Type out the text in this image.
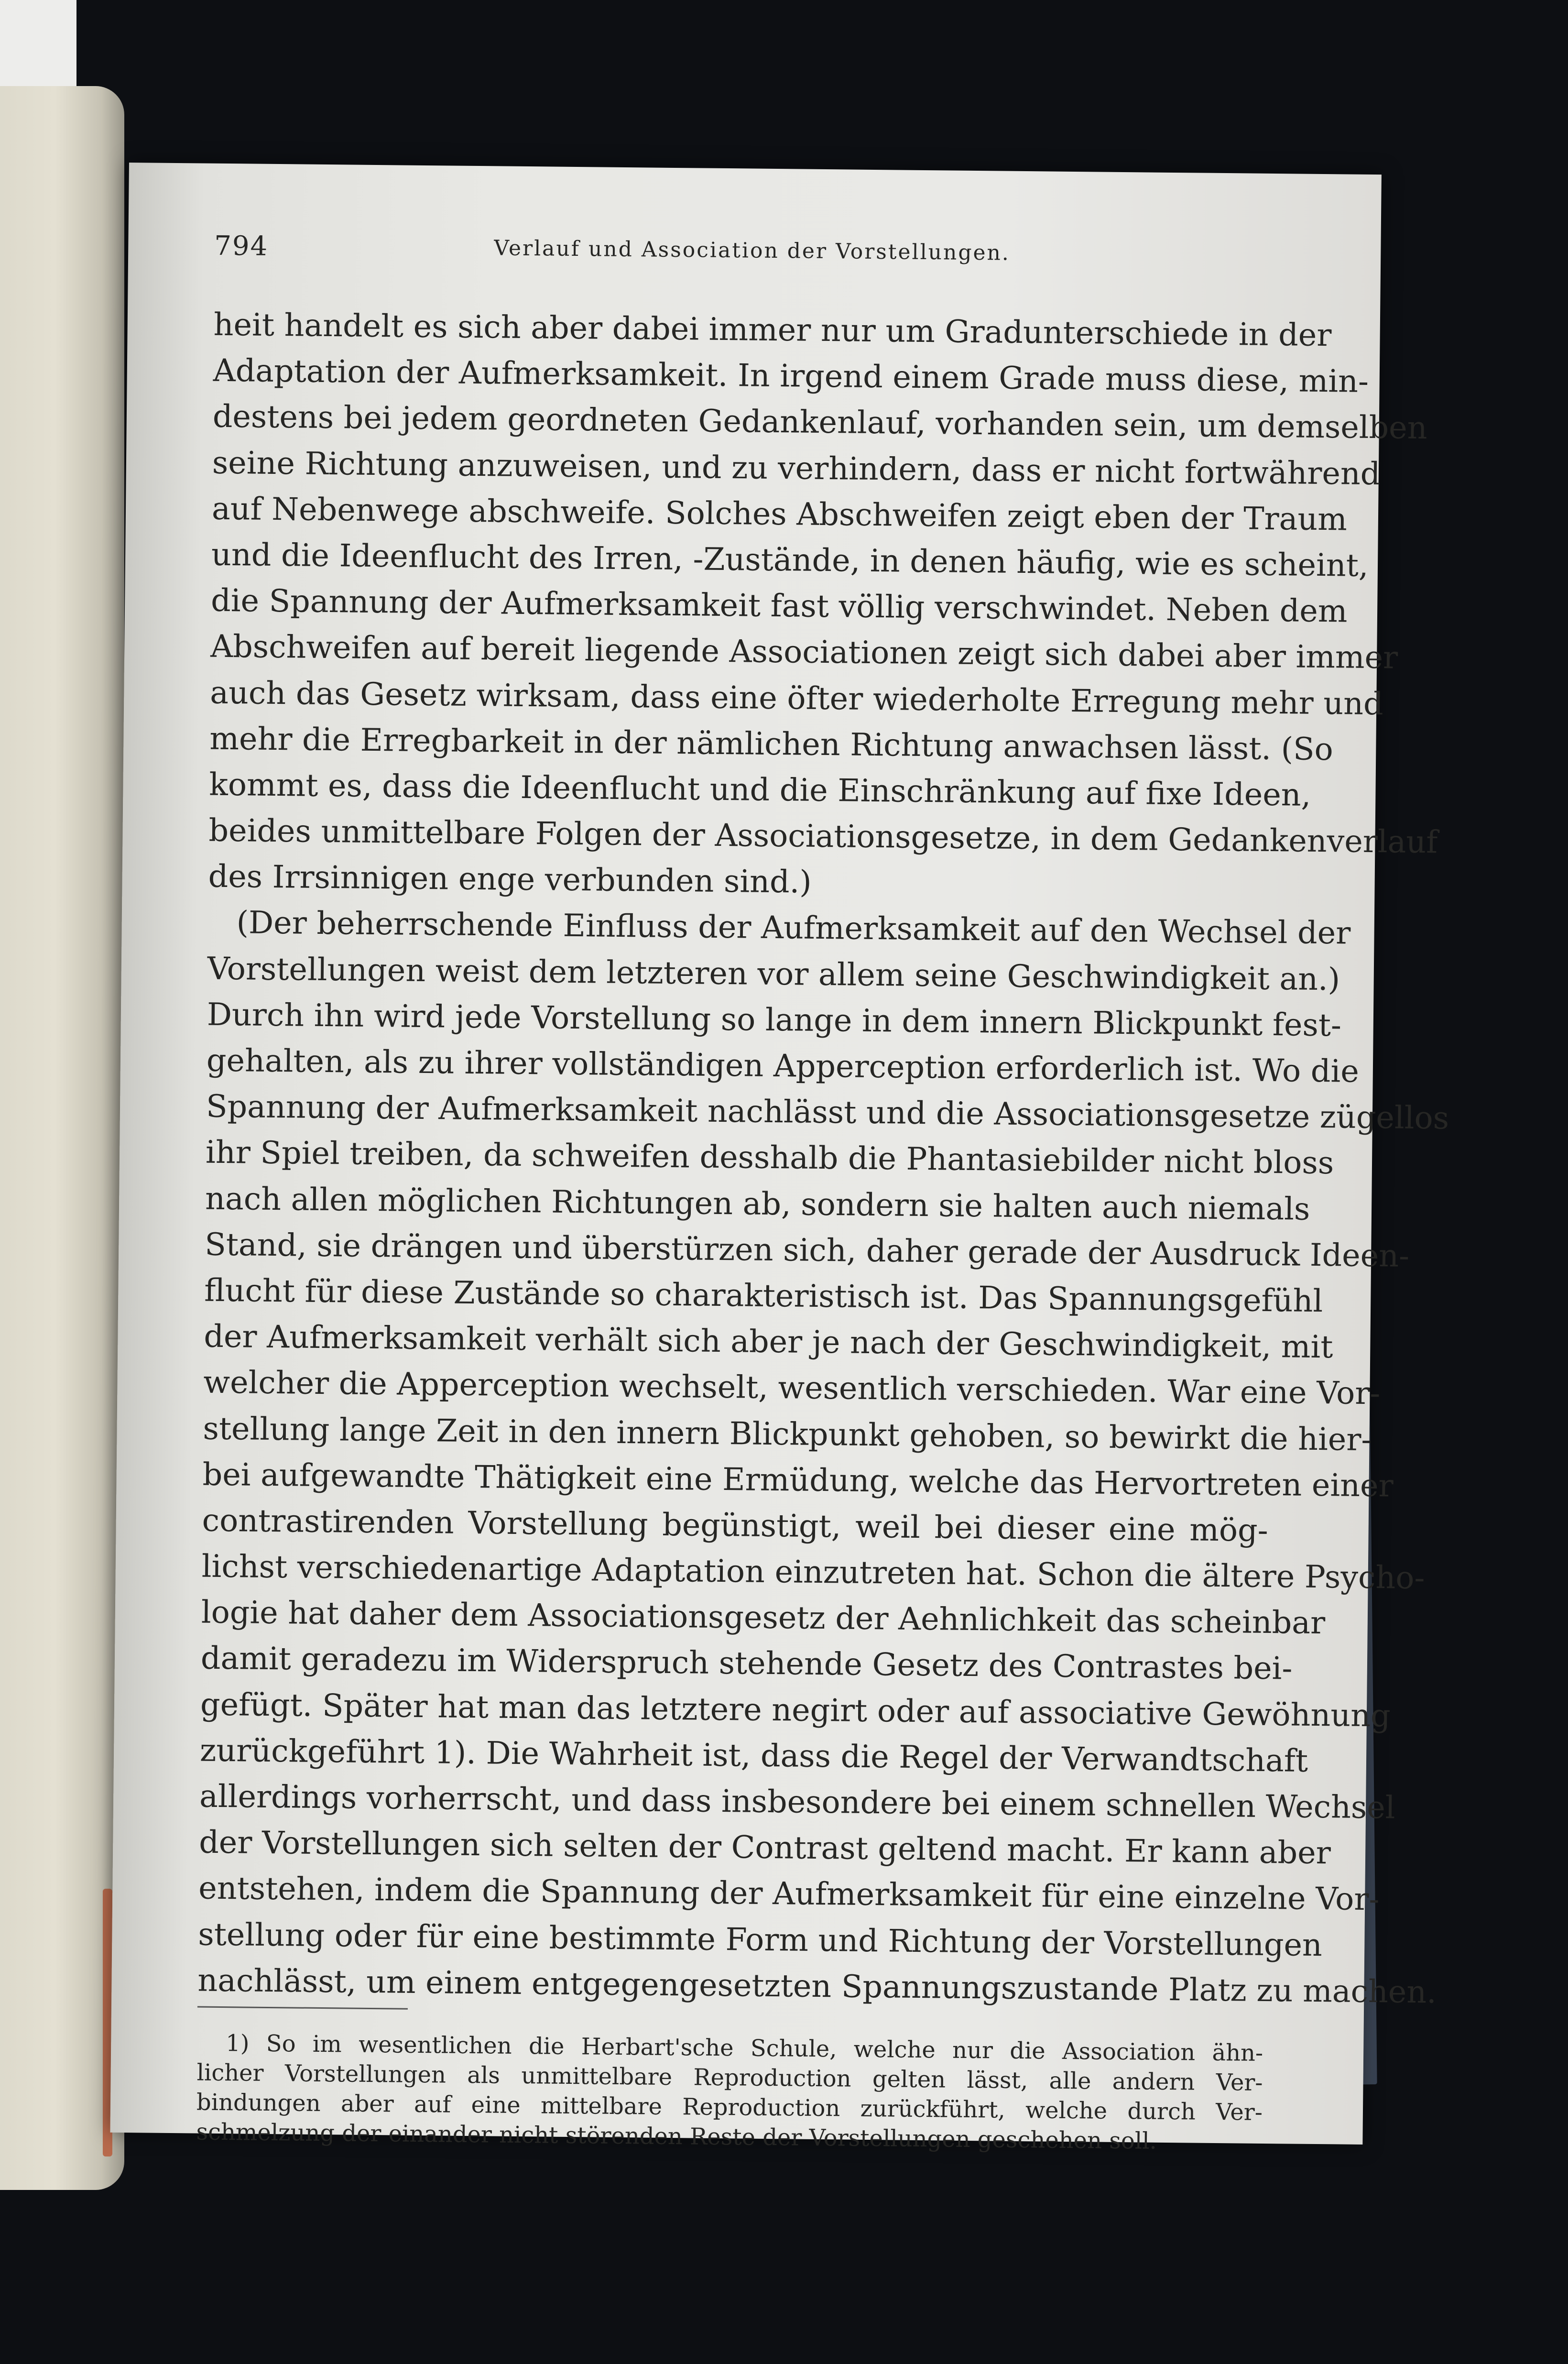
794	Verlauf und Association der Vorstellungen.
heit handelt es sich aber dabei immer nur um Gradunterschiede in der
Adaptation der Aufmerksamkeit. In irgend einem Grade muss diese, min-
destens bei jedem geordneten Gedankenlauf, vorhanden sein, um demselben
seine Richtung anzuweisen, und zu verhindern, dass er nicht fortwährend
auf Nebenwege abschweife. Solches Abschweifen zeigt eben der Traum
und die Ideenflucht des Irren, -Zustände, in denen häufig, wie es scheint,
die Spannung der Aufmerksamkeit fast völlig verschwindet. Neben dem
Abschweifen auf bereit liegende Associationen zeigt sich dabei aber immer
auch das Gesetz wirksam, dass eine öfter wiederholte Erregung mehr und
mehr die Erregbarkeit in der nämlichen Richtung anwachsen lässt. (So
kommt es, dass die Ideenflucht und die Einschränkung auf fixe Ideen,
beides unmittelbare Folgen der Associationsgesetze, in dem Gedankenverlauf
des Irrsinnigen enge verbunden sind.)
(Der beherrschende Einfluss der Aufmerksamkeit auf den Wechsel der
Vorstellungen weist dem letzteren vor allem seine Geschwindigkeit an.)
Durch ihn wird jede Vorstellung so lange in dem innern Blickpunkt fest-
gehalten, als zu ihrer vollständigen Apperception erforderlich ist. Wo die
Spannung der Aufmerksamkeit nachlässt und die Associationsgesetze zügellos
ihr Spiel treiben, da schweifen desshalb die Phantasiebilder nicht bloss
nach allen möglichen Richtungen ab, sondern sie halten auch niemals
Stand, sie drängen und überstürzen sich, daher gerade der Ausdruck Ideen-
flucht für diese Zustände so charakteristisch ist. Das Spannungsgefühl
der Aufmerksamkeit verhält sich aber je nach der Geschwindigkeit, mit
welcher die Apperception wechselt, wesentlich verschieden. War eine Vor-
stellung lange Zeit in den innern Blickpunkt gehoben, so bewirkt die hier-
bei aufgewandte Thätigkeit eine Ermüdung, welche das Hervortreten einer
contrastirenden Vorstellung begünstigt, weil bei dieser eine mög-
lichst verschiedenartige Adaptation einzutreten hat. Schon die ältere Psycho-
logie hat daher dem Associationsgesetz der Aehnlichkeit das scheinbar
damit geradezu im Widerspruch stehende Gesetz des Contrastes bei-
gefügt. Später hat man das letztere negirt oder auf associative Gewöhnung
zurückgeführt 1). Die Wahrheit ist, dass die Regel der Verwandtschaft
allerdings vorherrscht, und dass insbesondere bei einem schnellen Wechsel
der Vorstellungen sich selten der Contrast geltend macht. Er kann aber
entstehen, indem die Spannung der Aufmerksamkeit für eine einzelne Vor-
stellung oder für eine bestimmte Form und Richtung der Vorstellungen
nachlässt, um einem entgegengesetzten Spannungszustande Platz zu machen.
1) So im wesentlichen die Herbart'sche Schule, welche nur die Association ähn-
licher Vorstellungen als unmittelbare Reproduction gelten lässt, alle andern Ver-
bindungen aber auf eine mittelbare Reproduction zurückführt, welche durch Ver-
schmelzung der einander nicht störenden Reste der Vorstellungen geschehen soll.
